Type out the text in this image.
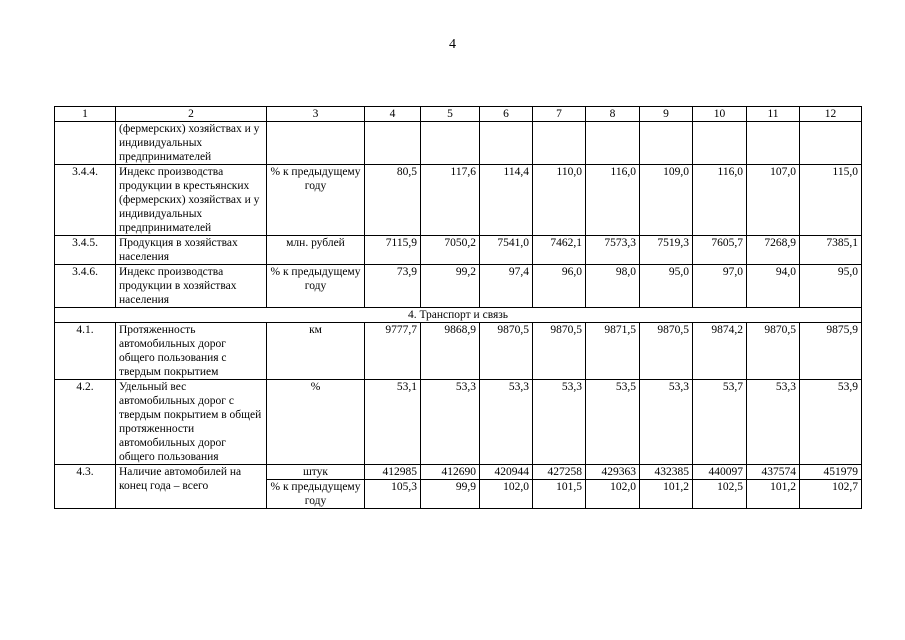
4
1	2	3	4	5	6	7	8	9	10	11	12
	(фермерских) хозяйствах и у индивидуальных предпринимателей										
3.4.4.	Индекс производства продукции в крестьянских (фермерских) хозяйствах и у индивидуальных предпринимателей	% к предыдущему году	80,5	117,6	114,4	110,0	116,0	109,0	116,0	107,0	115,0
3.4.5.	Продукция в хозяйствах населения	млн. рублей	7115,9	7050,2	7541,0	7462,1	7573,3	7519,3	7605,7	7268,9	7385,1
3.4.6.	Индекс производства продукции в хозяйствах населения	% к предыдущему году	73,9	99,2	97,4	96,0	98,0	95,0	97,0	94,0	95,0
4. Транспорт и связь											
4.1.	Протяженность автомобильных дорог общего пользования с твердым покрытием	км	9777,7	9868,9	9870,5	9870,5	9871,5	9870,5	9874,2	9870,5	9875,9
4.2.	Удельный вес автомобильных дорог с твердым покрытием в общей протяженности автомобильных дорог общего пользования	%	53,1	53,3	53,3	53,3	53,5	53,3	53,7	53,3	53,9
4.3.	Наличие автомобилей на конец года – всего	штук	412985	412690	420944	427258	429363	432385	440097	437574	451979
		% к предыдущему году	105,3	99,9	102,0	101,5	102,0	101,2	102,5	101,2	102,7
